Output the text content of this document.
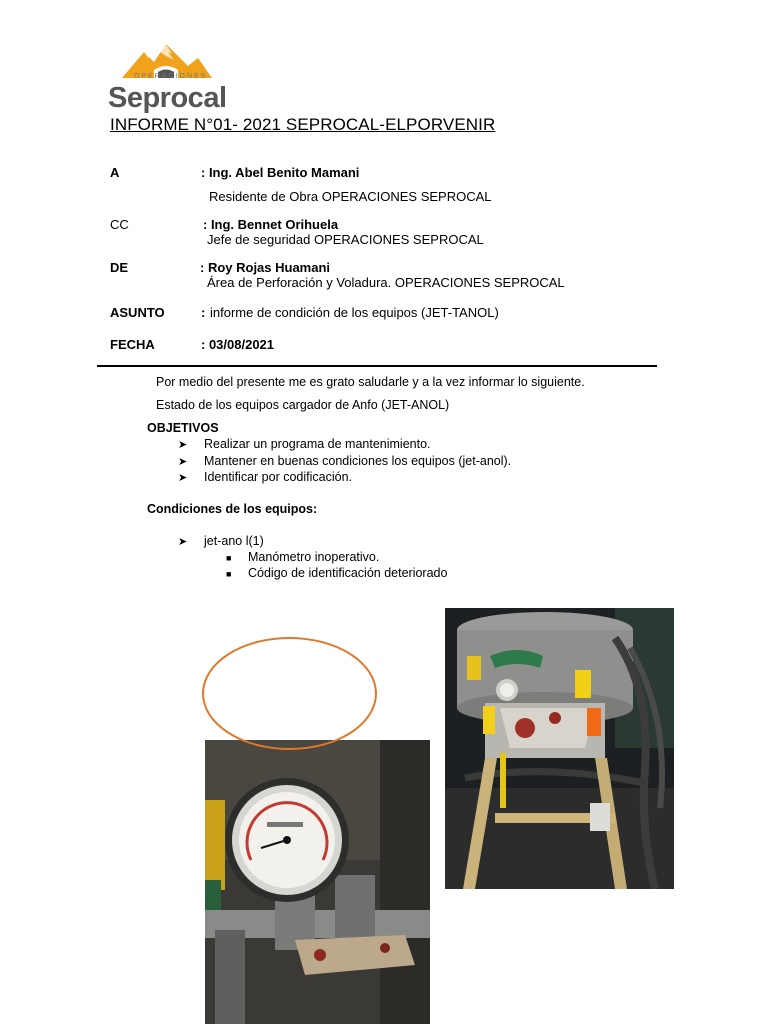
OPERACIONES
Seprocal
INFORME N°01- 2021 SEPROCAL-ELPORVENIR
A	: Ing. Abel Benito Mamani
Residente de Obra OPERACIONES SEPROCAL
CC	: Ing. Bennet Orihuela
Jefe de seguridad OPERACIONES SEPROCAL
DE	: Roy Rojas Huamani
Área de Perforación y Voladura. OPERACIONES SEPROCAL
ASUNTO	: informe de condición de los equipos (JET-TANOL)
FECHA	: 03/08/2021
Por medio del presente me es grato saludarle y a la vez informar lo siguiente.
Estado de los equipos cargador de Anfo (JET-ANOL)
OBJETIVOS
➤	Realizar un programa de mantenimiento.
➤	Mantener en buenas condiciones los equipos (jet-anol).
➤	Identificar por codificación.
Condiciones de los equipos:
➤	jet-ano l(1)
■	Manómetro inoperativo.
■	Código de identificación deteriorado
